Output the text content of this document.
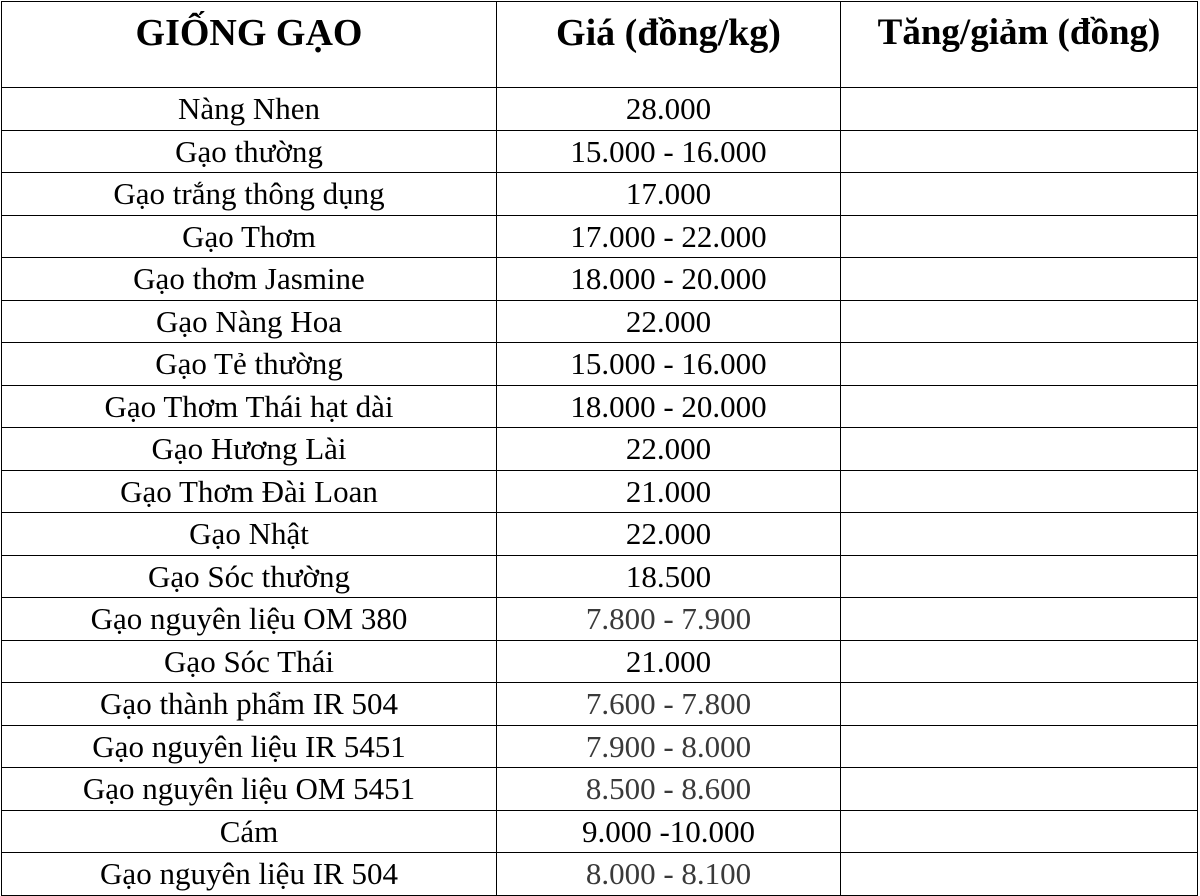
GIỐNG GẠO	Giá (đồng/kg)	Tăng/giảm (đồng)
Nàng Nhen	28.000	
Gạo thường	15.000 - 16.000	
Gạo trắng thông dụng	17.000	
Gạo Thơm	17.000 - 22.000	
Gạo thơm Jasmine	18.000 - 20.000	
Gạo Nàng Hoa	22.000	
Gạo Tẻ thường	15.000 - 16.000	
Gạo Thơm Thái hạt dài	18.000 - 20.000	
Gạo Hương Lài	22.000	
Gạo Thơm Đài Loan	21.000	
Gạo Nhật	22.000	
Gạo Sóc thường	18.500	
Gạo nguyên liệu OM 380	7.800 - 7.900	
Gạo Sóc Thái	21.000	
Gạo thành phẩm IR 504	7.600 - 7.800	
Gạo nguyên liệu IR 5451	7.900 - 8.000	
Gạo nguyên liệu OM 5451	8.500 - 8.600	
Cám	9.000 -10.000	
Gạo nguyên liệu IR 504	8.000 - 8.100	
